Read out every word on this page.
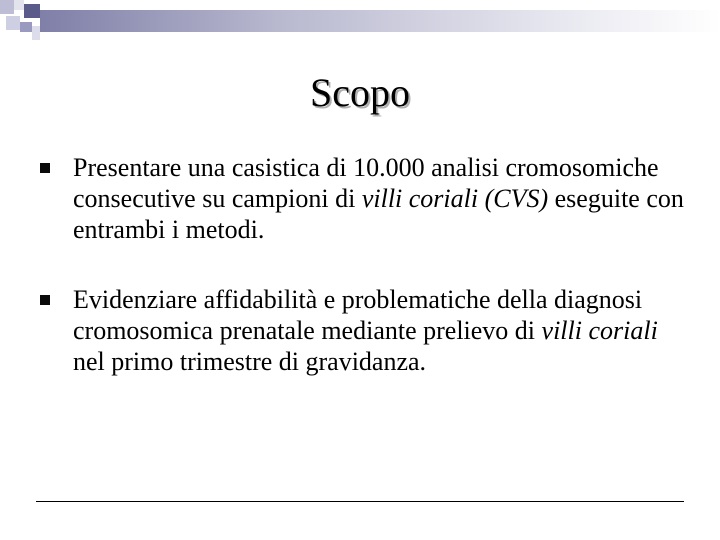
Scopo
Presentare una casistica di 10.000 analisi cromosomiche consecutive su campioni di villi coriali (CVS) eseguite con entrambi i metodi.
Evidenziare affidabilità e problematiche della diagnosi cromosomica prenatale mediante prelievo di villi coriali nel primo trimestre di gravidanza.
